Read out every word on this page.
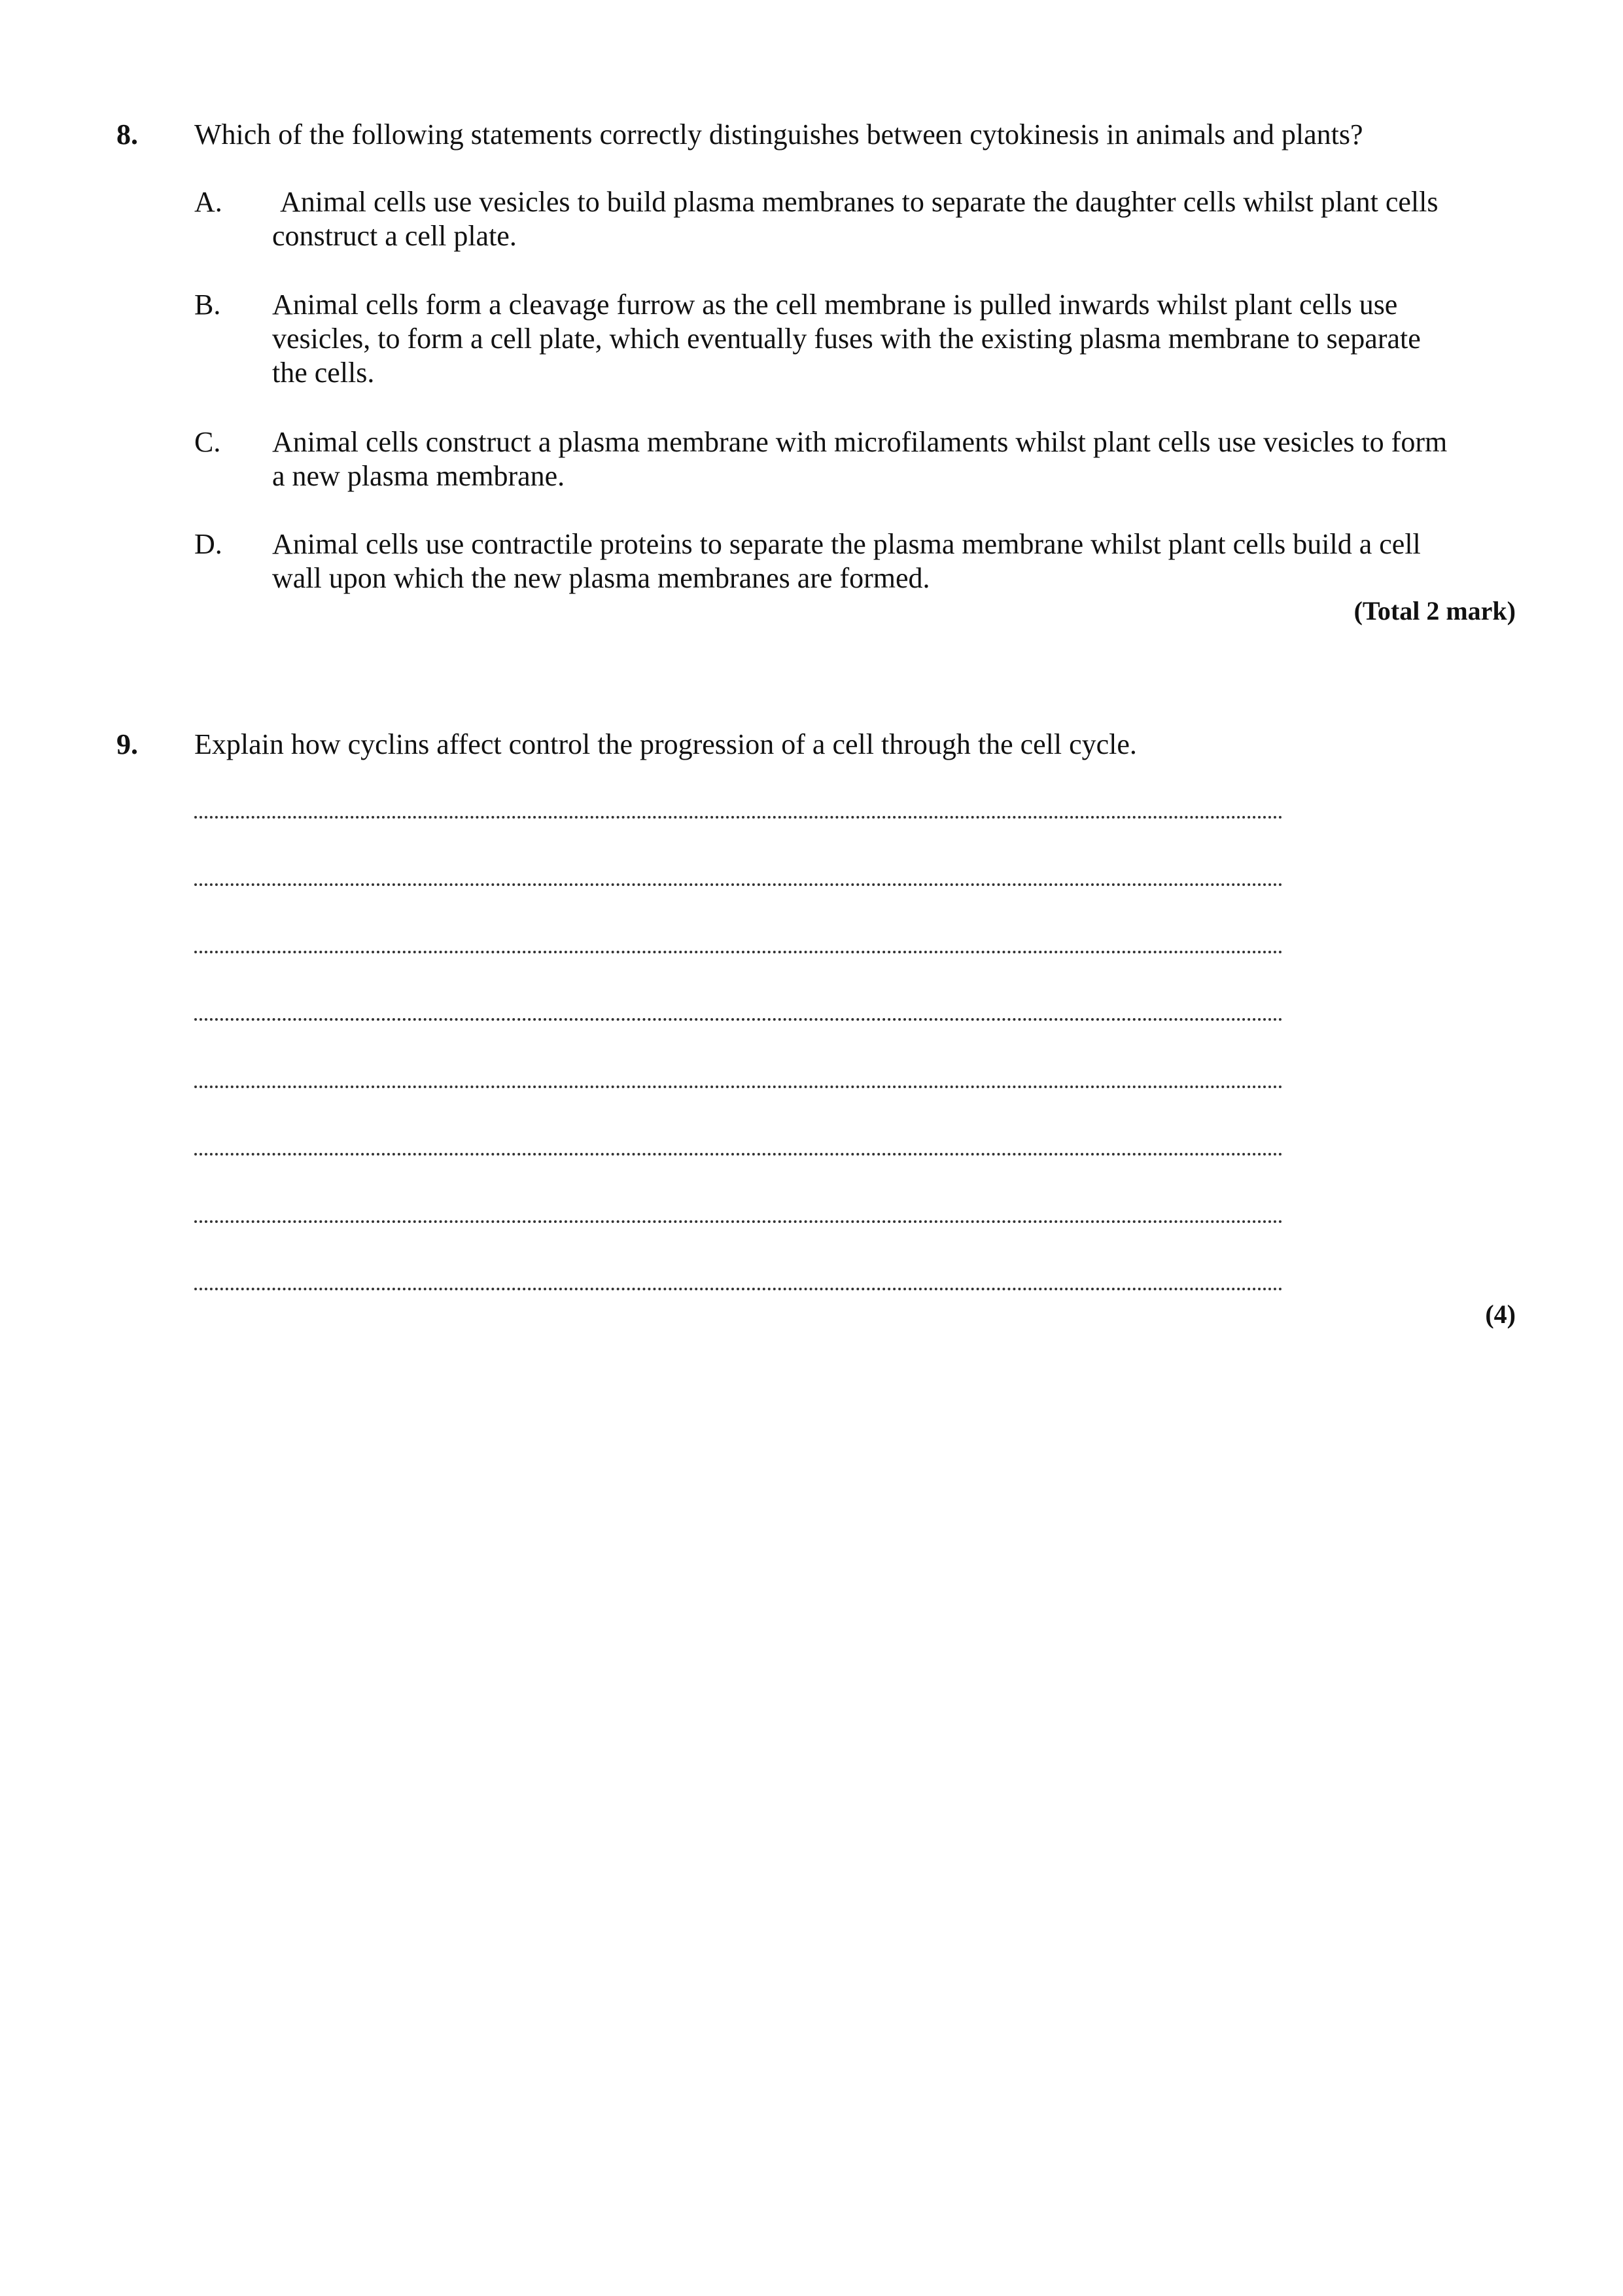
8. Which of the following statements correctly distinguishes between cytokinesis in animals and plants?
A. Animal cells use vesicles to build plasma membranes to separate the daughter cells whilst plant cells construct a cell plate.
B. Animal cells form a cleavage furrow as the cell membrane is pulled inwards whilst plant cells use vesicles, to form a cell plate, which eventually fuses with the existing plasma membrane to separate the cells.
C. Animal cells construct a plasma membrane with microfilaments whilst plant cells use vesicles to form a new plasma membrane.
D. Animal cells use contractile proteins to separate the plasma membrane whilst plant cells build a cell wall upon which the new plasma membranes are formed.
(Total 2 mark)
9. Explain how cyclins affect control the progression of a cell through the cell cycle.
(4)
